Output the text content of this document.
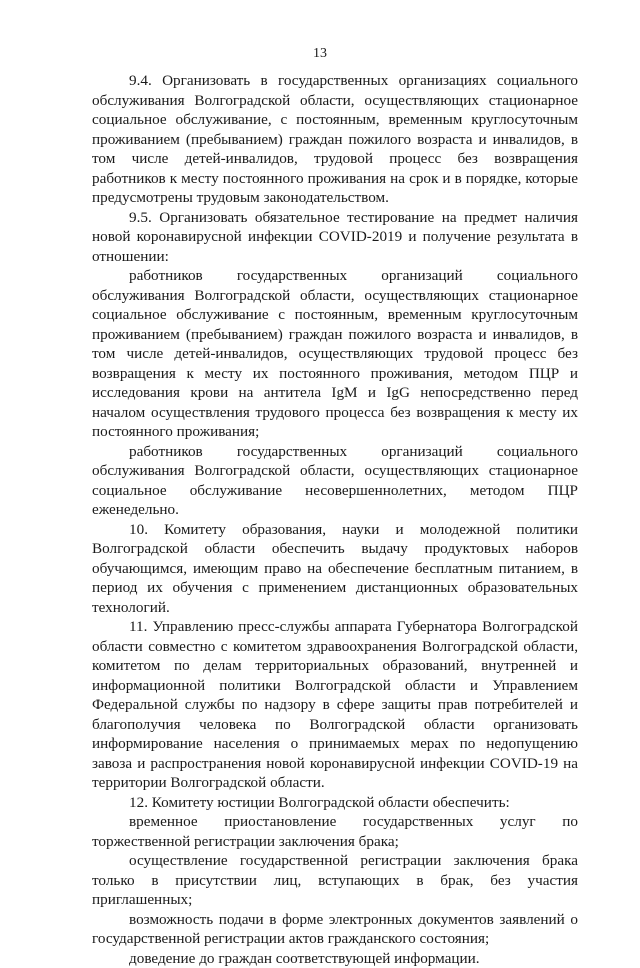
13

9.4. Организовать в государственных организациях социального обслуживания Волгоградской области, осуществляющих стационарное социальное обслуживание, с постоянным, временным круглосуточным проживанием (пребыванием) граждан пожилого возраста и инвалидов, в том числе детей-инвалидов, трудовой процесс без возвращения работников к месту постоянного проживания на срок и в порядке, которые предусмотрены трудовым законодательством.

9.5. Организовать обязательное тестирование на предмет наличия новой коронавирусной инфекции COVID-2019 и получение результата в отношении:

работников государственных организаций социального обслуживания Волгоградской области, осуществляющих стационарное социальное обслуживание с постоянным, временным круглосуточным проживанием (пребыванием) граждан пожилого возраста и инвалидов, в том числе детей-инвалидов, осуществляющих трудовой процесс без возвращения к месту их постоянного проживания, методом ПЦР и исследования крови на антитела IgM и IgG непосредственно перед началом осуществления трудового процесса без возвращения к месту их постоянного проживания;

работников государственных организаций социального обслуживания Волгоградской области, осуществляющих стационарное социальное обслуживание несовершеннолетних, методом ПЦР еженедельно.

10. Комитету образования, науки и молодежной политики Волгоградской области обеспечить выдачу продуктовых наборов обучающимся, имеющим право на обеспечение бесплатным питанием, в период их обучения с применением дистанционных образовательных технологий.

11. Управлению пресс-службы аппарата Губернатора Волгоградской области совместно с комитетом здравоохранения Волгоградской области, комитетом по делам территориальных образований, внутренней и информационной политики Волгоградской области и Управлением Федеральной службы по надзору в сфере защиты прав потребителей и благополучия человека по Волгоградской области организовать информирование населения о принимаемых мерах по недопущению завоза и распространения новой коронавирусной инфекции COVID-19 на территории Волгоградской области.

12. Комитету юстиции Волгоградской области обеспечить:

временное приостановление государственных услуг по торжественной регистрации заключения брака;

осуществление государственной регистрации заключения брака только в присутствии лиц, вступающих в брак, без участия приглашенных;

возможность подачи в форме электронных документов заявлений о государственной регистрации актов гражданского состояния;

доведение до граждан соответствующей информации.
